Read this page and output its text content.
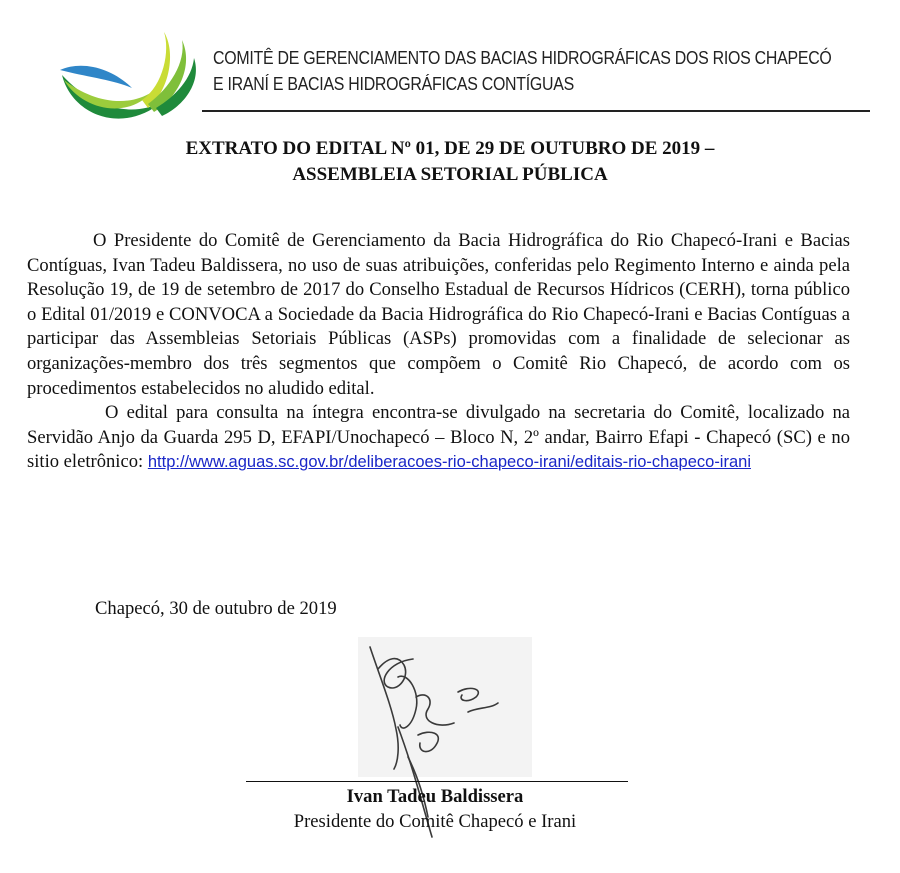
COMITÊ DE GERENCIAMENTO DAS BACIAS HIDROGRÁFICAS DOS RIOS CHAPECÓ
E IRANÍ E BACIAS HIDROGRÁFICAS CONTÍGUAS
EXTRATO DO EDITAL Nº 01, DE 29 DE OUTUBRO DE 2019 –
ASSEMBLEIA SETORIAL PÚBLICA

O Presidente do Comitê de Gerenciamento da Bacia Hidrográfica do Rio Chapecó-Irani e Bacias Contíguas, Ivan Tadeu Baldissera, no uso de suas atribuições, conferidas pelo Regimento Interno e ainda pela Resolução 19, de 19 de setembro de 2017 do Conselho Estadual de Recursos Hídricos (CERH), torna público o Edital 01/2019 e CONVOCA a Sociedade da Bacia Hidrográfica do Rio Chapecó-Irani e Bacias Contíguas a participar das Assembleias Setoriais Públicas (ASPs) promovidas com a finalidade de selecionar as organizações-membro dos três segmentos que compõem o Comitê Rio Chapecó, de acordo com os procedimentos estabelecidos no aludido edital.

O edital para consulta na íntegra encontra-se divulgado na secretaria do Comitê, localizado na Servidão Anjo da Guarda 295 D, EFAPI/Unochapecó – Bloco N, 2º andar, Bairro Efapi - Chapecó (SC) e no sitio eletrônico: http://www.aguas.sc.gov.br/deliberacoes-rio-chapeco-irani/editais-rio-chapeco-irani

Chapecó, 30 de outubro de 2019
Ivan Tadeu Baldissera
Presidente do Comitê Chapecó e Irani
